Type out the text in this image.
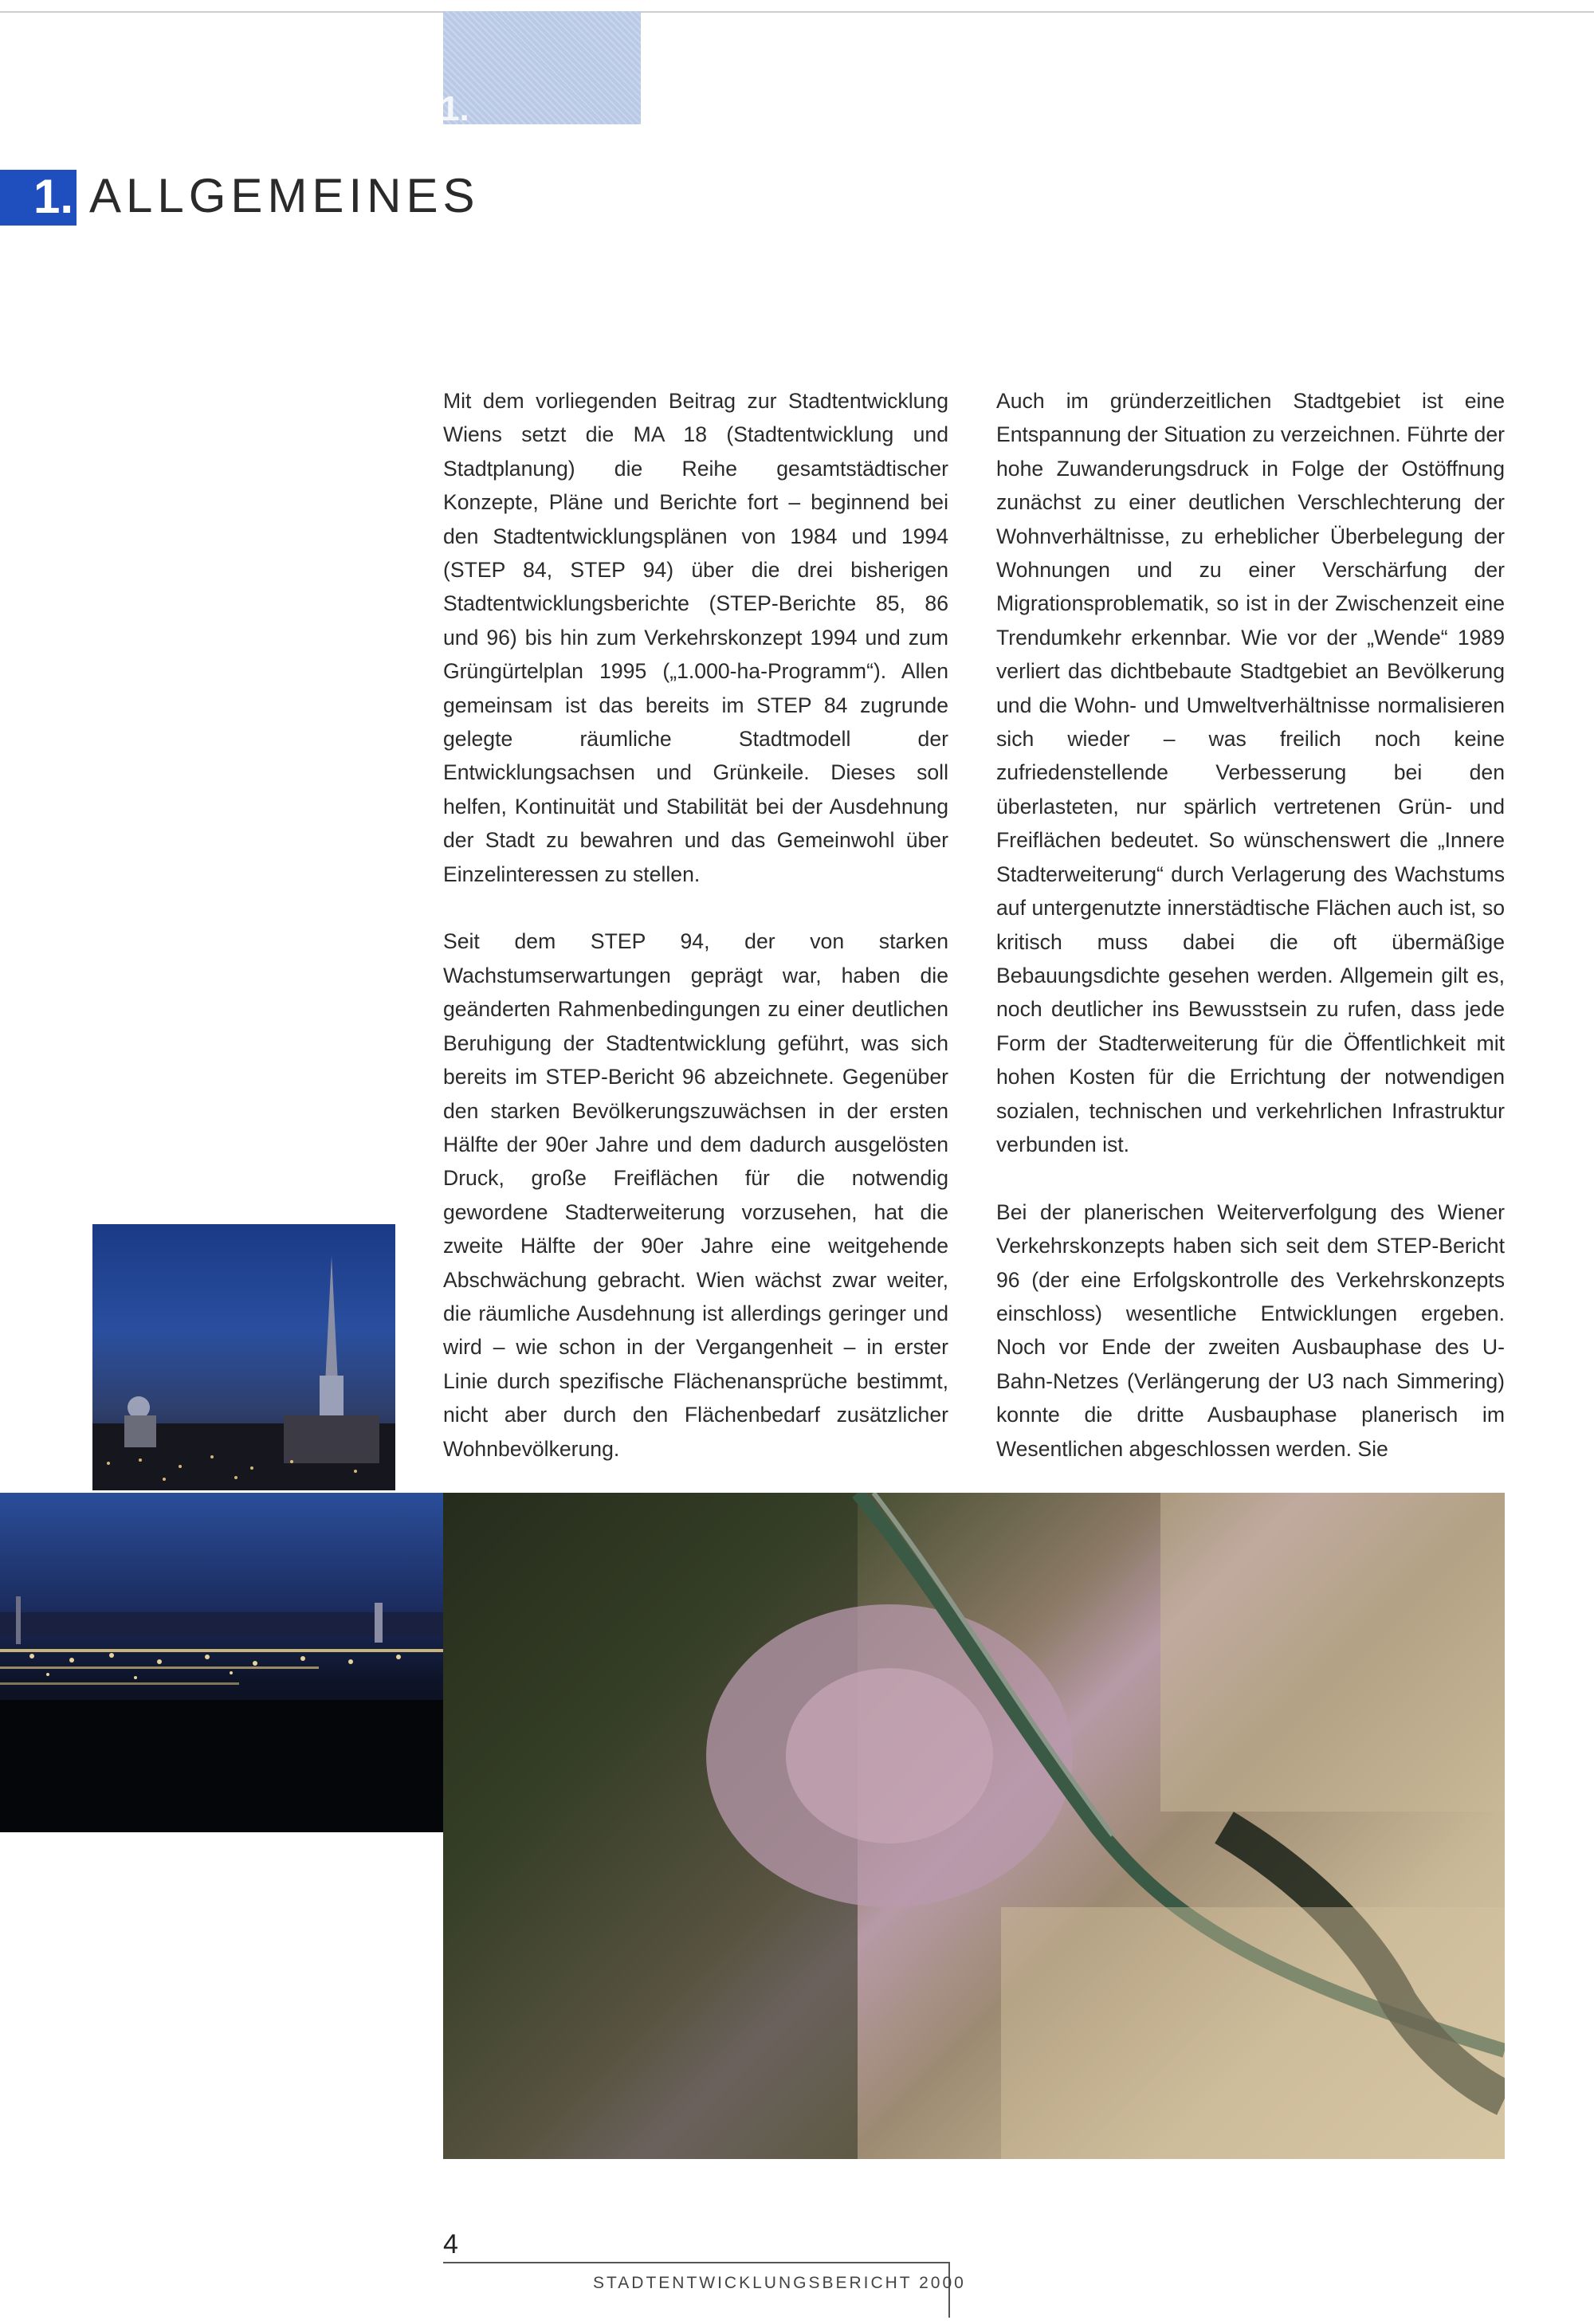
1.
1. ALLGEMEINES

Mit dem vorliegenden Beitrag zur Stadtentwicklung Wiens setzt die MA 18 (Stadtentwicklung und Stadtplanung) die Reihe gesamtstädtischer Konzepte, Pläne und Berichte fort – beginnend bei den Stadtentwicklungsplänen von 1984 und 1994 (STEP 84, STEP 94) über die drei bisherigen Stadtentwicklungsberichte (STEP-Berichte 85, 86 und 96) bis hin zum Verkehrskonzept 1994 und zum Grüngürtelplan 1995 („1.000-ha-Programm“). Allen gemeinsam ist das bereits im STEP 84 zugrunde gelegte räumliche Stadtmodell der Entwicklungsachsen und Grünkeile. Dieses soll helfen, Kontinuität und Stabilität bei der Ausdehnung der Stadt zu bewahren und das Gemeinwohl über Einzelinteressen zu stellen.

Seit dem STEP 94, der von starken Wachstumserwartungen geprägt war, haben die geänderten Rahmenbedingungen zu einer deutlichen Beruhigung der Stadtentwicklung geführt, was sich bereits im STEP-Bericht 96 abzeichnete. Gegenüber den starken Bevölkerungszuwächsen in der ersten Hälfte der 90er Jahre und dem dadurch ausgelösten Druck, große Freiflächen für die notwendig gewordene Stadterweiterung vorzusehen, hat die zweite Hälfte der 90er Jahre eine weitgehende Abschwächung gebracht. Wien wächst zwar weiter, die räumliche Ausdehnung ist allerdings geringer und wird – wie schon in der Vergangenheit – in erster Linie durch spezifische Flächenansprüche bestimmt, nicht aber durch den Flächenbedarf zusätzlicher Wohnbevölkerung.

Auch im gründerzeitlichen Stadtgebiet ist eine Entspannung der Situation zu verzeichnen. Führte der hohe Zuwanderungsdruck in Folge der Ostöffnung zunächst zu einer deutlichen Verschlechterung der Wohnverhältnisse, zu erheblicher Überbelegung der Wohnungen und zu einer Verschärfung der Migrationsproblematik, so ist in der Zwischenzeit eine Trendumkehr erkennbar. Wie vor der „Wende“ 1989 verliert das dichtbebaute Stadtgebiet an Bevölkerung und die Wohn- und Umweltverhältnisse normalisieren sich wieder – was freilich noch keine zufriedenstellende Verbesserung bei den überlasteten, nur spärlich vertretenen Grün- und Freiflächen bedeutet. So wünschenswert die „Innere Stadterweiterung“ durch Verlagerung des Wachstums auf untergenutzte innerstädtische Flächen auch ist, so kritisch muss dabei die oft übermäßige Bebauungsdichte gesehen werden. Allgemein gilt es, noch deutlicher ins Bewusstsein zu rufen, dass jede Form der Stadterweiterung für die Öffentlichkeit mit hohen Kosten für die Errichtung der notwendigen sozialen, technischen und verkehrlichen Infrastruktur verbunden ist.

Bei der planerischen Weiterverfolgung des Wiener Verkehrskonzepts haben sich seit dem STEP-Bericht 96 (der eine Erfolgskontrolle des Verkehrskonzepts einschloss) wesentliche Entwicklungen ergeben. Noch vor Ende der zweiten Ausbauphase des U-Bahn-Netzes (Verlängerung der U3 nach Simmering) konnte die dritte Ausbauphase planerisch im Wesentlichen abgeschlossen werden. Sie

4
STADTENTWICKLUNGSBERICHT 2000
